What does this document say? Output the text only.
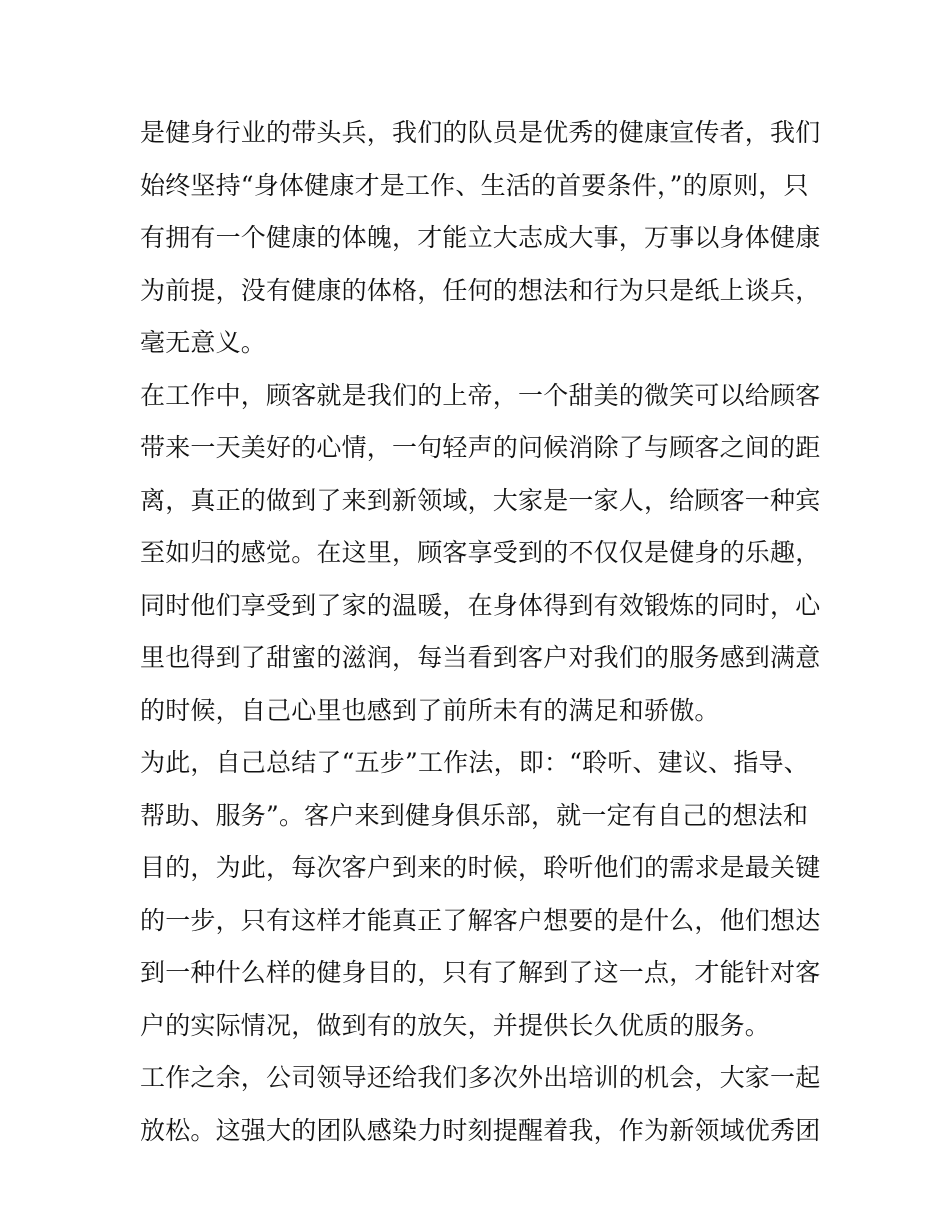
是健身行业的带头兵，我们的队员是优秀的健康宣传者，我们
始终坚持“身体健康才是工作、生活的首要条件，”的原则，只
有拥有一个健康的体魄，才能立大志成大事，万事以身体健康
为前提，没有健康的体格，任何的想法和行为只是纸上谈兵，
毫无意义。
在工作中，顾客就是我们的上帝，一个甜美的微笑可以给顾客
带来一天美好的心情，一句轻声的问候消除了与顾客之间的距
离，真正的做到了来到新领域，大家是一家人，给顾客一种宾
至如归的感觉。在这里，顾客享受到的不仅仅是健身的乐趣，
同时他们享受到了家的温暖，在身体得到有效锻炼的同时，心
里也得到了甜蜜的滋润，每当看到客户对我们的服务感到满意
的时候，自己心里也感到了前所未有的满足和骄傲。
为此，自己总结了“五步”工作法，即：“聆听、建议、指导、
帮助、服务”。客户来到健身俱乐部，就一定有自己的想法和
目的，为此，每次客户到来的时候，聆听他们的需求是最关键
的一步，只有这样才能真正了解客户想要的是什么，他们想达
到一种什么样的健身目的，只有了解到了这一点，才能针对客
户的实际情况，做到有的放矢，并提供长久优质的服务。
工作之余，公司领导还给我们多次外出培训的机会，大家一起
放松。这强大的团队感染力时刻提醒着我，作为新领域优秀团
